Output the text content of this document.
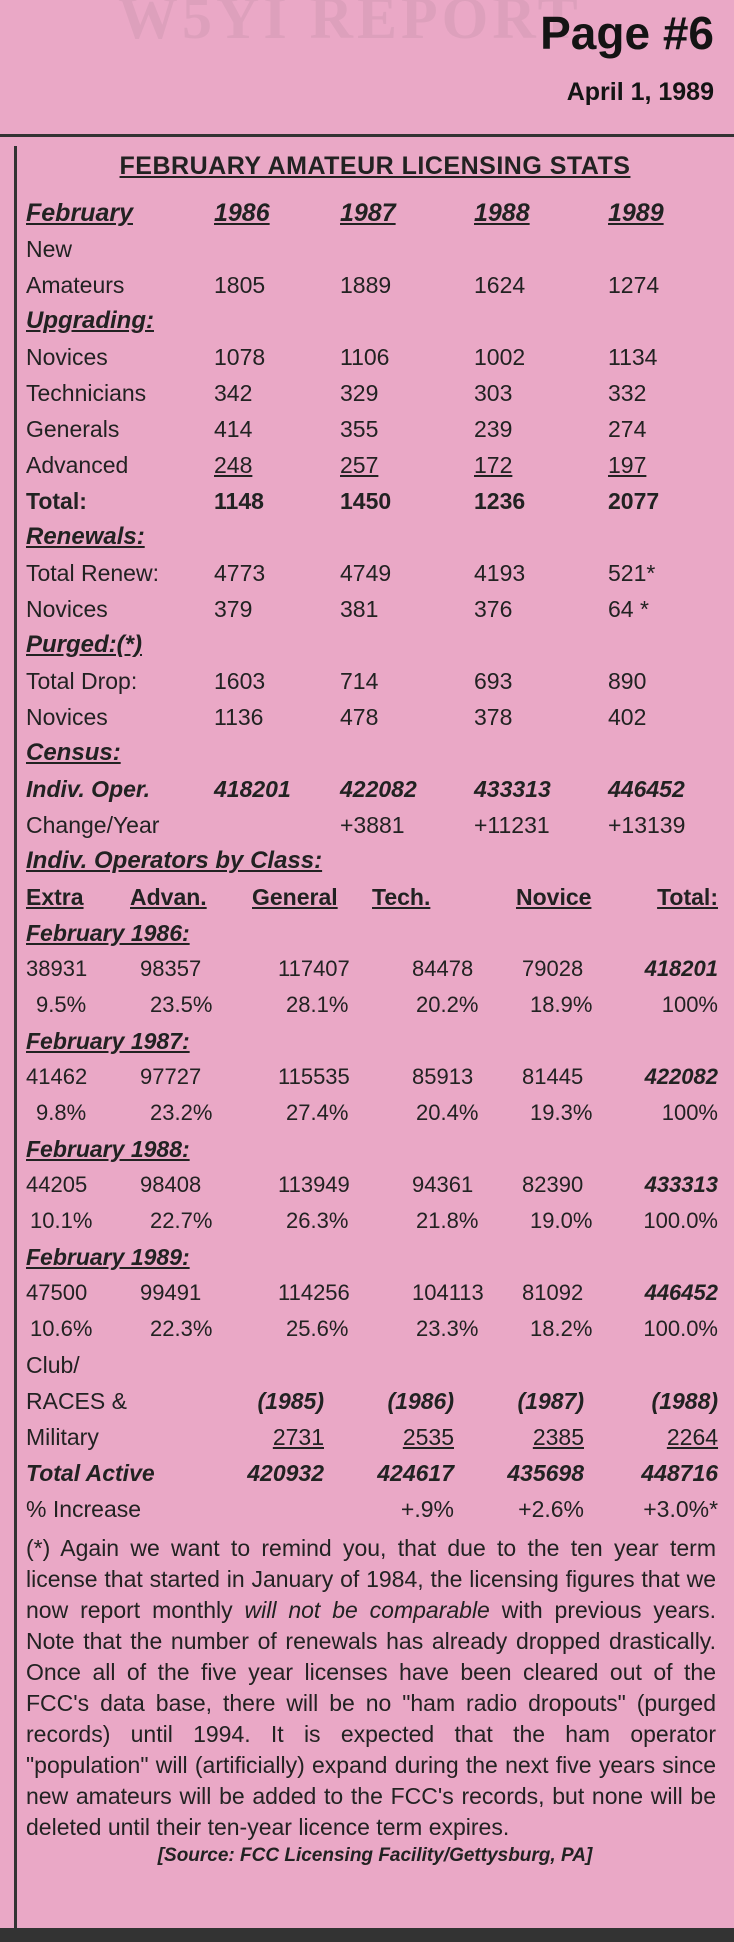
W5YI REPORT
Page #6
April 1, 1989
FEBRUARY AMATEUR LICENSING STATS
February	1986	1987	1988	1989
New				
Amateurs	1805	1889	1624	1274
Upgrading:				
Novices	1078	1106	1002	1134
Technicians	342	329	303	332
Generals	414	355	239	274
Advanced	248	257	172	197
Total:	1148	1450	1236	2077
Renewals:				
Total Renew:	4773	4749	4193	521*
Novices	379	381	376	64 *
Purged:(*)				
Total Drop:	1603	714	693	890
Novices	1136	478	378	402
Census:				
Indiv. Oper.	418201	422082	433313	446452
Change/Year		+3881	+11231	+13139
Indiv. Operators by Class:				
Extra	Advan.	General	Tech.	Novice	Total:
February 1986:					
38931	98357	117407	84478	79028	418201
9.5%	23.5%	28.1%	20.2%	18.9%	100%
February 1987:					
41462	97727	115535	85913	81445	422082
9.8%	23.2%	27.4%	20.4%	19.3%	100%
February 1988:					
44205	98408	113949	94361	82390	433313
10.1%	22.7%	26.3%	21.8%	19.0%	100.0%
February 1989:					
47500	99491	114256	104113	81092	446452
10.6%	22.3%	25.6%	23.3%	18.2%	100.0%
Club/				
RACES &	(1985)	(1986)	(1987)	(1988)
Military	2731	2535	2385	2264
Total Active	420932	424617	435698	448716
% Increase		+.9%	+2.6%	+3.0%*
(*) Again we want to remind you, that due to the ten year term license that started in January of 1984, the licensing figures that we now report monthly will not be comparable with previous years. Note that the number of renewals has already dropped drastically. Once all of the five year licenses have been cleared out of the FCC's data base, there will be no "ham radio dropouts" (purged records) until 1994. It is expected that the ham operator "population" will (artificially) expand during the next five years since new amateurs will be added to the FCC's records, but none will be deleted until their ten-year licence term expires.
[Source: FCC Licensing Facility/Gettysburg, PA]
